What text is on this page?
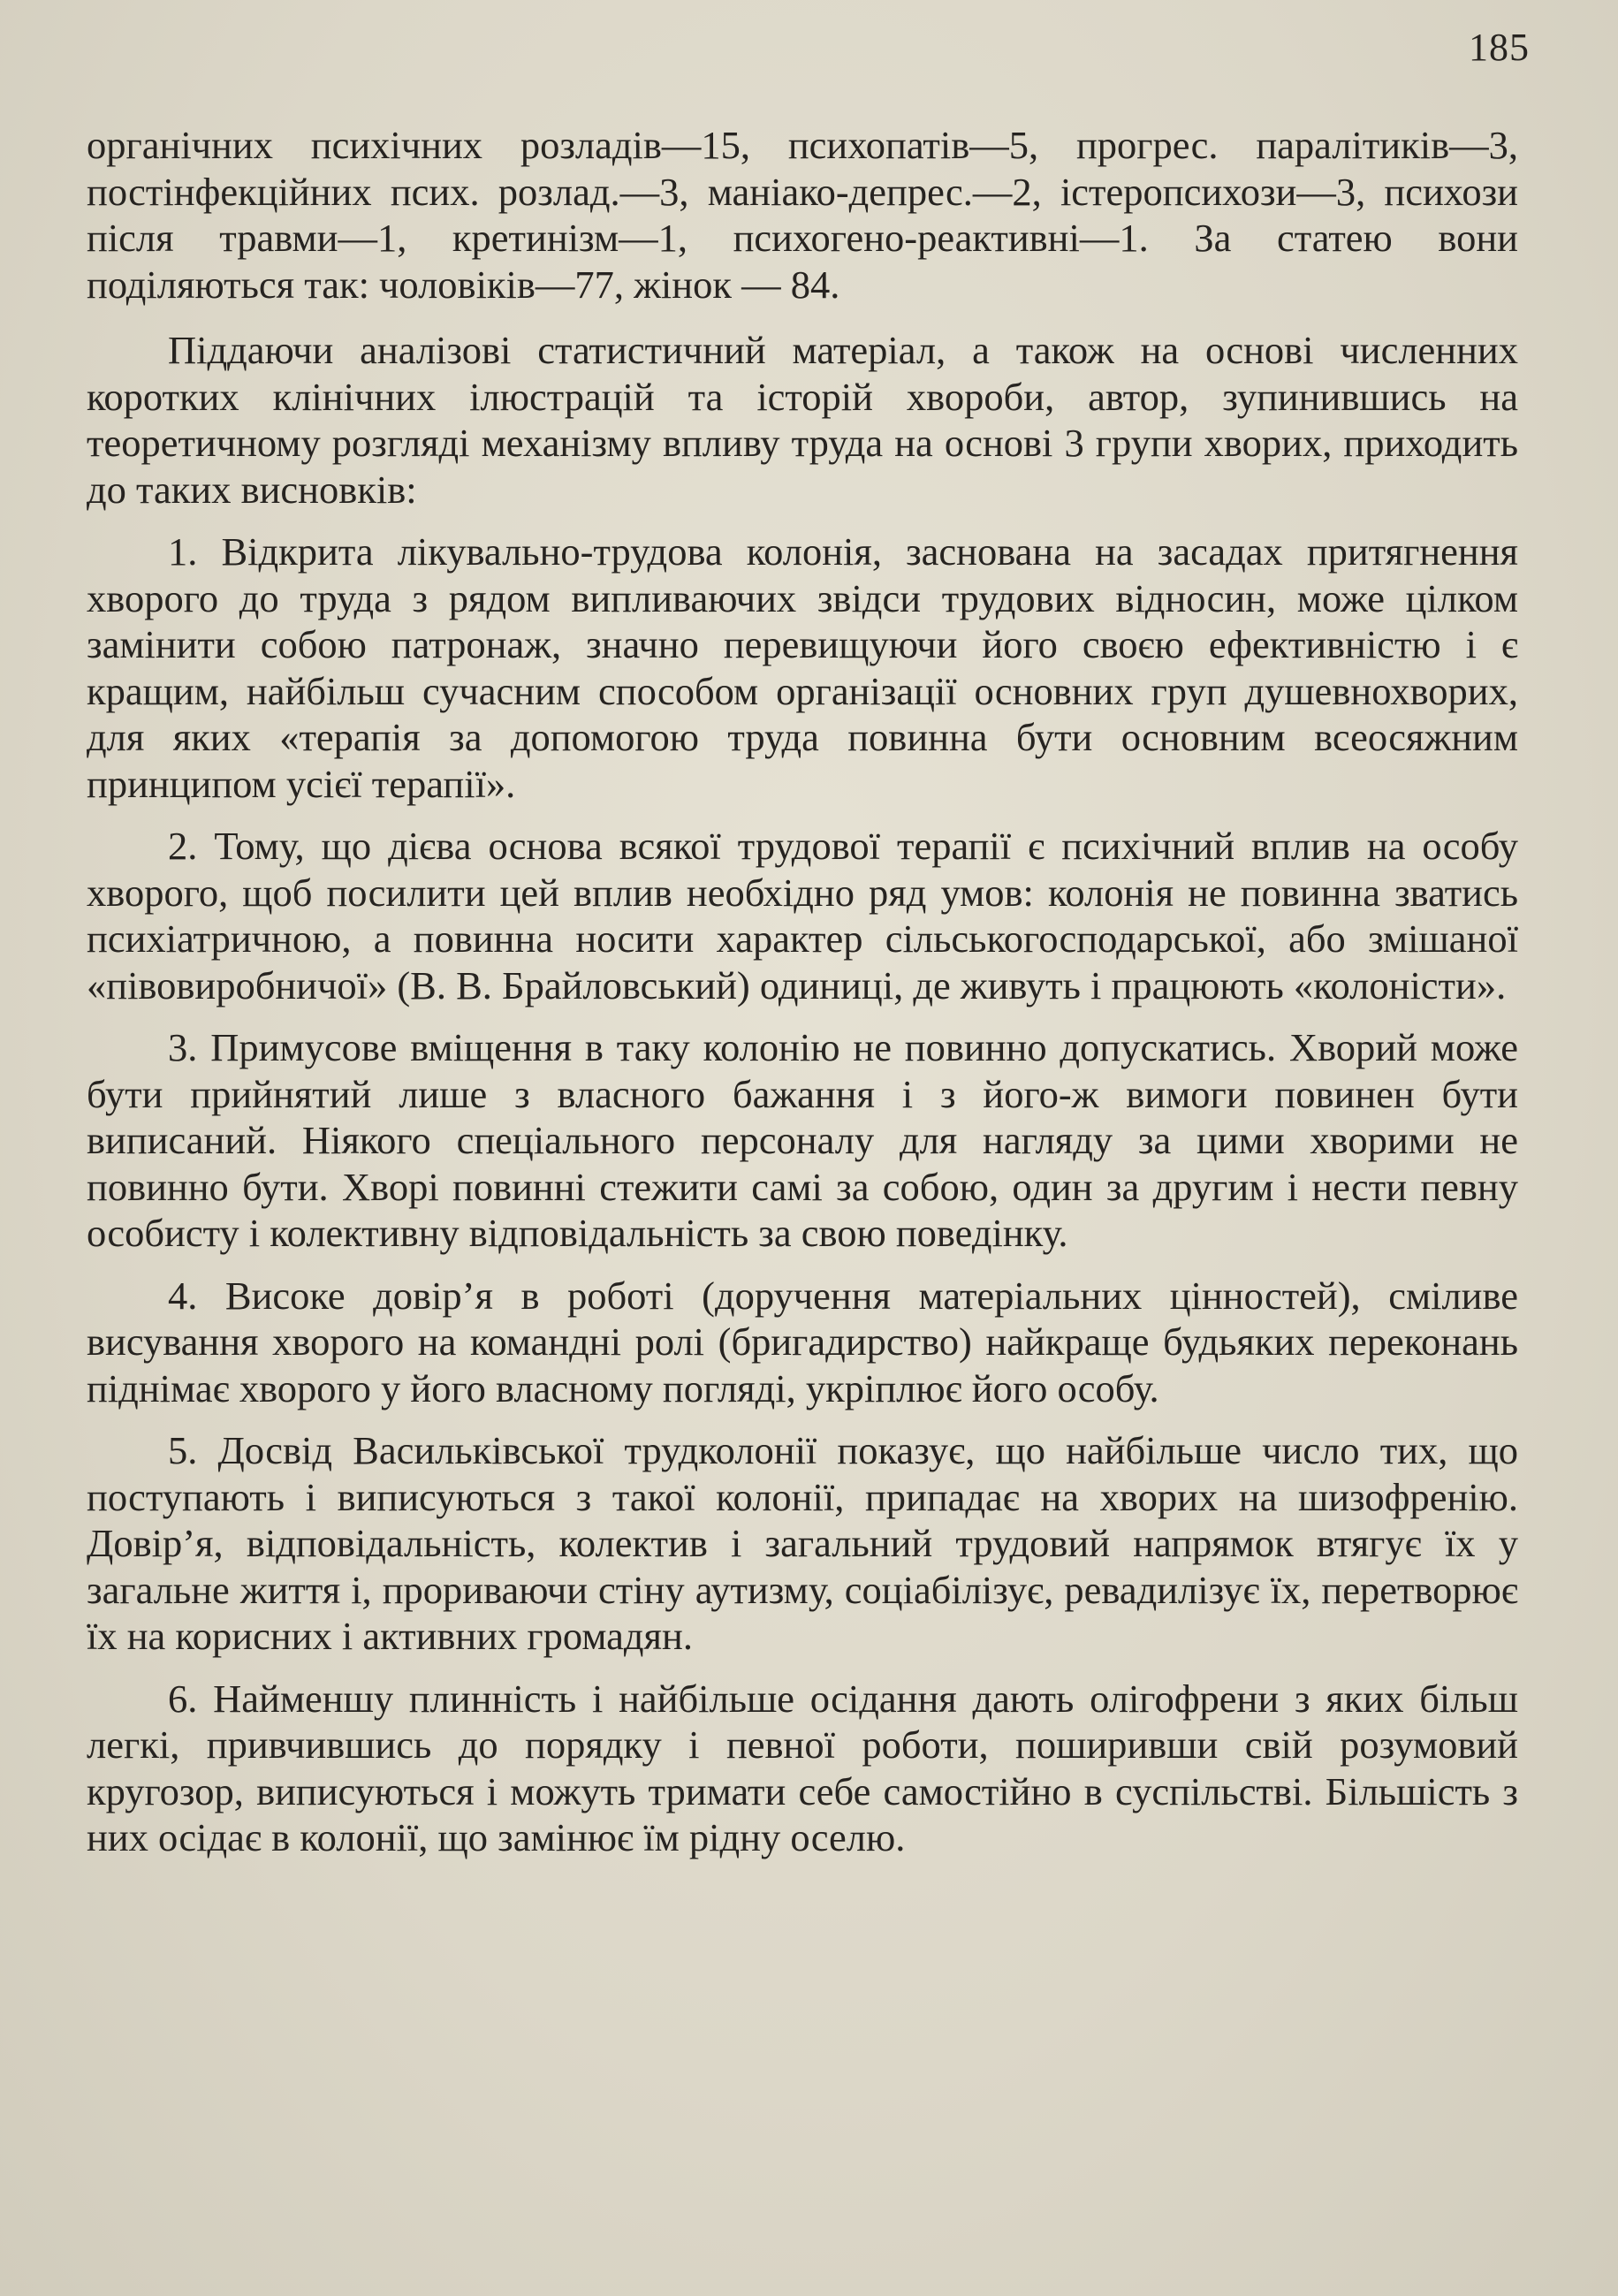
185

органічних психічних розладів—15, психопатів—5, прогрес. паралітиків—3, постінфекційних псих. розлад.—3, маніако-депрес.—2, істеропсихози—3, психози після травми—1, кретинізм—1, психогено-реактивні—1. За статею вони поділяються так: чоловіків—77, жінок — 84.

Піддаючи аналізові статистичний матеріал, а також на основі численних коротких клінічних ілюстрацій та історій хвороби, автор, зупинившись на теоретичному розгляді механізму впливу труда на основі 3 групи хворих, приходить до таких висновків:

1. Відкрита лікувально-трудова колонія, заснована на засадах притягнення хворого до труда з рядом випливаючих звідси трудових відносин, може цілком замінити собою патронаж, значно перевищуючи його своєю ефективністю і є кращим, найбільш сучасним способом організації основних груп душевнохворих, для яких «терапія за допомогою труда повинна бути основним всеосяжним принципом усієї терапії».

2. Тому, що дієва основа всякої трудової терапії є психічний вплив на особу хворого, щоб посилити цей вплив необхідно ряд умов: колонія не повинна зватись психіатричною, а повинна носити характер сільськогосподарської, або змішаної «півовиробничої» (В. В. Брайловський) одиниці, де живуть і працюють «колоністи».

3. Примусове вміщення в таку колонію не повинно допускатись. Хворий може бути прийнятий лише з власного бажання і з його-ж вимоги повинен бути виписаний. Ніякого спеціального персоналу для нагляду за цими хворими не повинно бути. Хворі повинні стежити самі за собою, один за другим і нести певну особисту і колективну відповідальність за свою поведінку.

4. Високе довір’я в роботі (доручення матеріальних цінностей), сміливе висування хворого на командні ролі (бригадирство) найкраще будьяких переконань піднімає хворого у його власному погляді, укріплює його особу.

5. Досвід Васильківської трудколонії показує, що найбільше число тих, що поступають і виписуються з такої колонії, припадає на хворих на шизофренію. Довір’я, відповідальність, колектив і загальний трудовий напрямок втягує їх у загальне життя і, прориваючи стіну аутизму, соціабілізує, ревадилізує їх, перетворює їх на корисних і активних громадян.

6. Найменшу плинність і найбільше осідання дають олігофрени з яких більш легкі, привчившись до порядку і певної роботи, поширивши свій розумовий кругозор, виписуються і можуть тримати себе самостійно в суспільстві. Більшість з них осідає в колонії, що замінює їм рідну оселю.
